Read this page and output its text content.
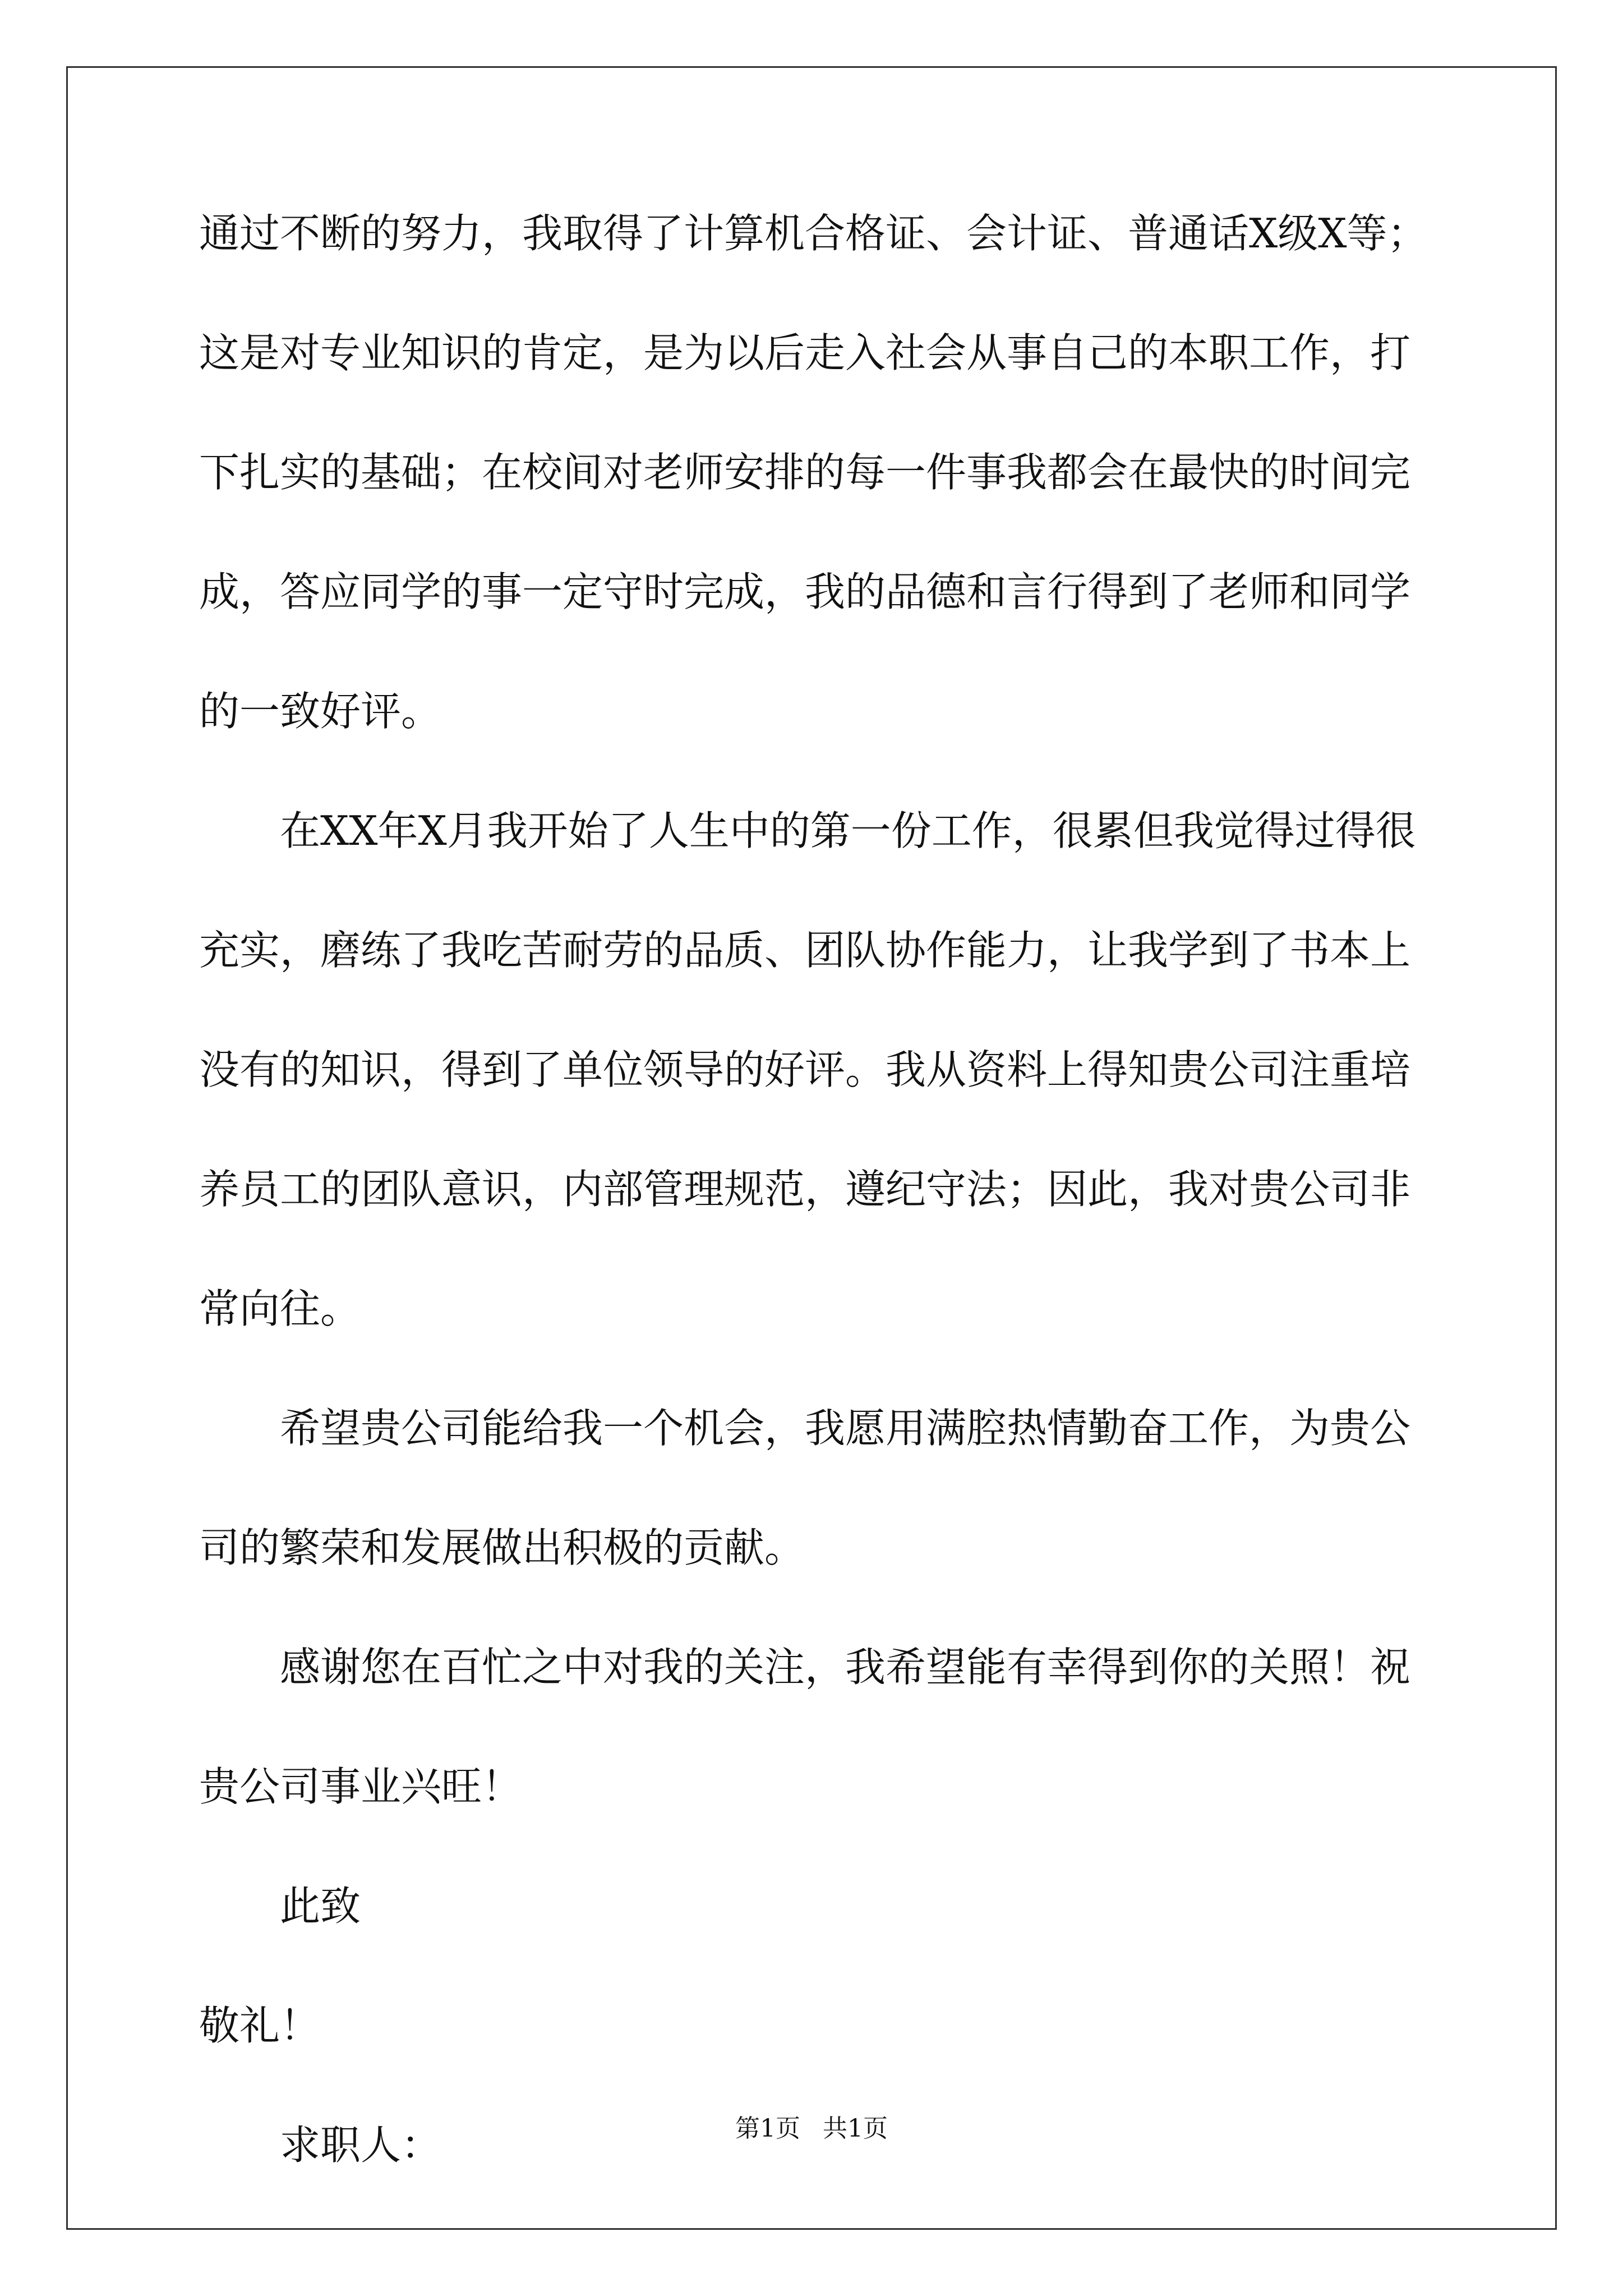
通过不断的努力，我取得了计算机合格证、会计证、普通话X级X等；
这是对专业知识的肯定，是为以后走入社会从事自己的本职工作，打
下扎实的基础；在校间对老师安排的每一件事我都会在最快的时间完
成，答应同学的事一定守时完成，我的品德和言行得到了老师和同学
的一致好评。
在XX年X月我开始了人生中的第一份工作，很累但我觉得过得很
充实，磨练了我吃苦耐劳的品质、团队协作能力，让我学到了书本上
没有的知识，得到了单位领导的好评。我从资料上得知贵公司注重培
养员工的团队意识，内部管理规范，遵纪守法；因此，我对贵公司非
常向往。
希望贵公司能给我一个机会，我愿用满腔热情勤奋工作，为贵公
司的繁荣和发展做出积极的贡献。
感谢您在百忙之中对我的关注，我希望能有幸得到你的关照！祝
贵公司事业兴旺！
此致
敬礼！
求职人：	第1页 共1页
